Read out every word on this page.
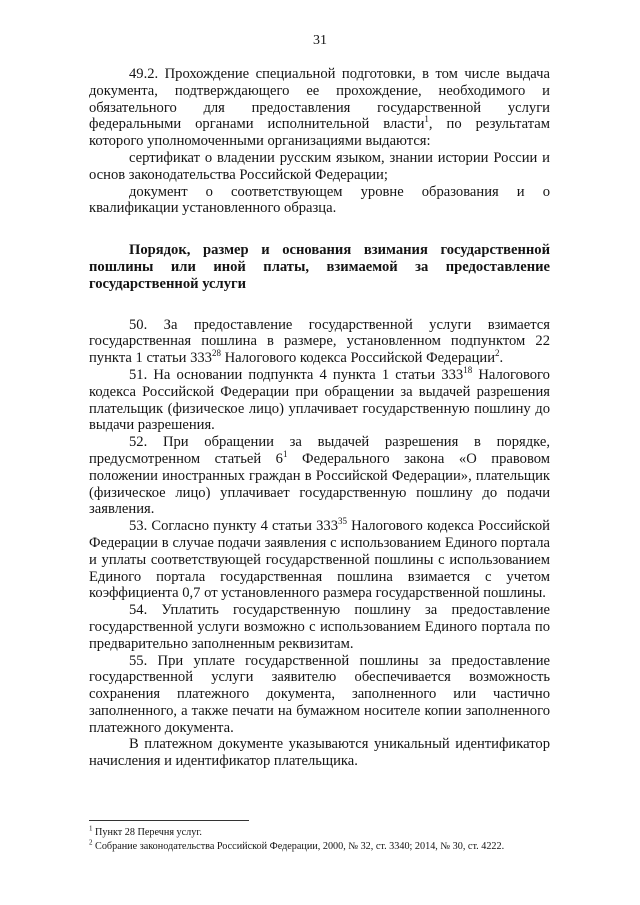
31

49.2. Прохождение специальной подготовки, в том числе выдача документа, подтверждающего ее прохождение, необходимого и обязательного для предоставления государственной услуги федеральными органами исполнительной власти$^1$, по результатам которого уполномоченными организациями выдаются:

сертификат о владении русским языком, знании истории России и основ законодательства Российской Федерации;

документ о соответствующем уровне образования и о квалификации установленного образца.

Порядок, размер и основания взимания государственной пошлины или иной платы, взимаемой за предоставление государственной услуги

50. За предоставление государственной услуги взимается государственная пошлина в размере, установленном подпунктом 22 пункта 1 статьи $333^{28}$ Налогового кодекса Российской Федерации$^2$.

51. На основании подпункта 4 пункта 1 статьи $333^{18}$ Налогового кодекса Российской Федерации при обращении за выдачей разрешения плательщик (физическое лицо) уплачивает государственную пошлину до выдачи разрешения.

52. При обращении за выдачей разрешения в порядке, предусмотренном статьей $6^1$ Федерального закона «О правовом положении иностранных граждан в Российской Федерации», плательщик (физическое лицо) уплачивает государственную пошлину до подачи заявления.

53. Согласно пункту 4 статьи $333^{35}$ Налогового кодекса Российской Федерации в случае подачи заявления с использованием Единого портала и уплаты соответствующей государственной пошлины с использованием Единого портала государственная пошлина взимается с учетом коэффициента 0,7 от установленного размера государственной пошлины.

54. Уплатить государственную пошлину за предоставление государственной услуги возможно с использованием Единого портала по предварительно заполненным реквизитам.

55. При уплате государственной пошлины за предоставление государственной услуги заявителю обеспечивается возможность сохранения платежного документа, заполненного или частично заполненного, а также печати на бумажном носителе копии заполненного платежного документа.

В платежном документе указываются уникальный идентификатор начисления и идентификатор плательщика.

$^1$ Пункт 28 Перечня услуг.
$^2$ Собрание законодательства Российской Федерации, 2000, № 32, ст. 3340; 2014, № 30, ст. 4222.
